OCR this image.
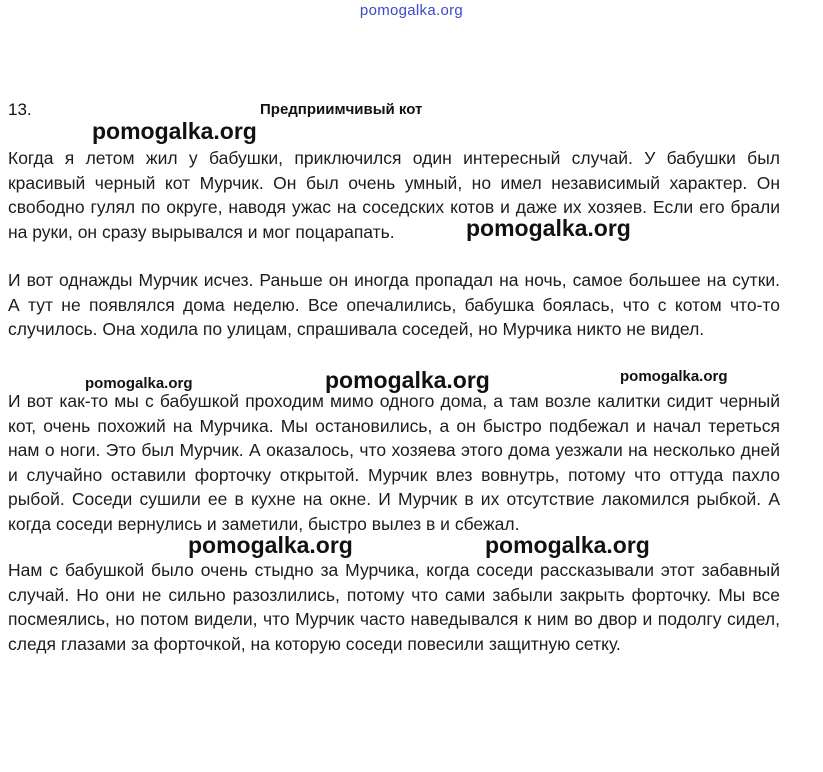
pomogalka.org
13.	Предприимчивый кот
Когда я летом жил у бабушки, приключился один интересный случай. У бабушки был красивый черный кот Мурчик. Он был очень умный, но имел независимый характер. Он свободно гулял по округе, наводя ужас на соседских котов и даже их хозяев. Если его брали на руки, он сразу вырывался и мог поцарапать.
И вот однажды Мурчик исчез. Раньше он иногда пропадал на ночь, самое большее на сутки. А тут не появлялся дома неделю. Все опечалились, бабушка боялась, что с котом что-то случилось. Она ходила по улицам, спрашивала соседей, но Мурчика никто не видел.
И вот как-то мы с бабушкой проходим мимо одного дома, а там возле калитки сидит черный кот, очень похожий на Мурчика. Мы остановились, а он быстро подбежал и начал тереться нам о ноги. Это был Мурчик. А оказалось, что хозяева этого дома уезжали на несколько дней и случайно оставили форточку открытой. Мурчик влез вовнутрь, потому что оттуда пахло рыбой. Соседи сушили ее в кухне на окне. И Мурчик в их отсутствие лакомился рыбкой. А когда соседи вернулись и заметили, быстро вылез в и сбежал.
Нам с бабушкой было очень стыдно за Мурчика, когда соседи рассказывали этот забавный случай. Но они не сильно разозлились, потому что сами забыли закрыть форточку. Мы все посмеялись, но потом видели, что Мурчик часто наведывался к ним во двор и подолгу сидел, следя глазами за форточкой, на которую соседи повесили защитную сетку.
pomogalka.org
pomogalka.org
pomogalka.org	pomogalka.org	pomogalka.org
pomogalka.org	pomogalka.org
